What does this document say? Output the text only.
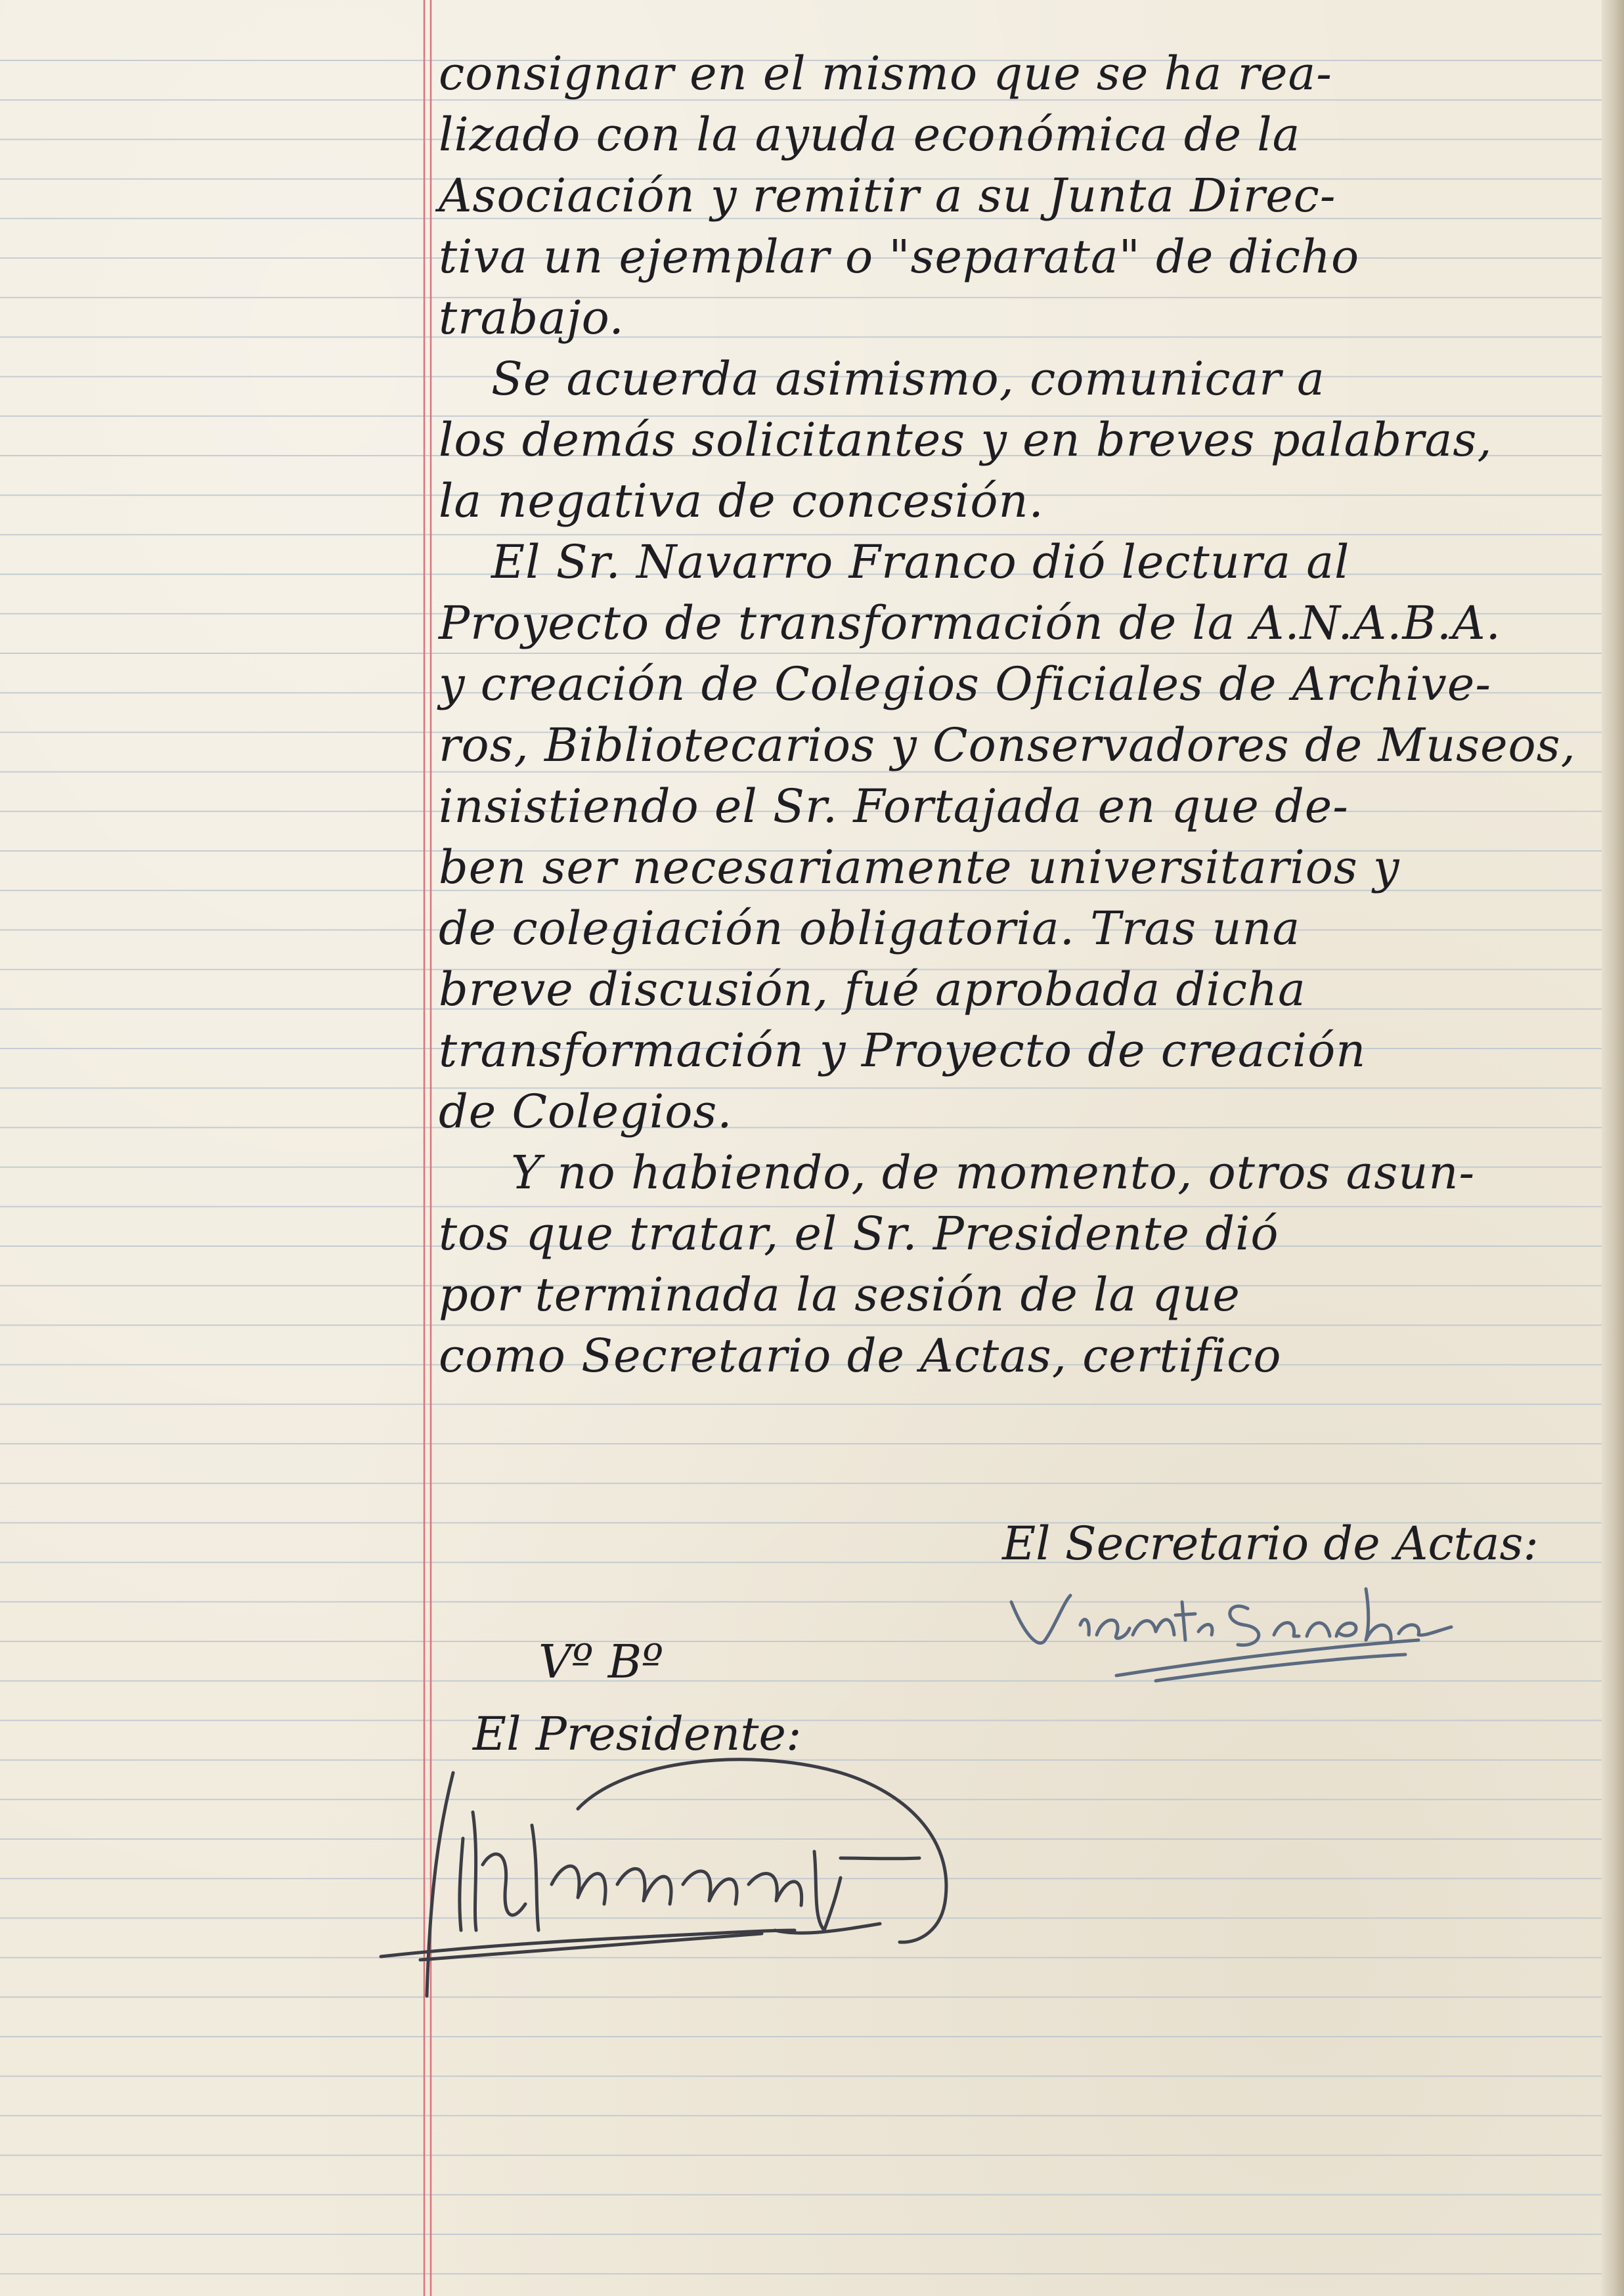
consignar en el mismo que se ha rea-
lizado con la ayuda económica de la
Asociación y remitir a su Junta Direc-
tiva un ejemplar o "separata" de dicho
trabajo.
Se acuerda asimismo, comunicar a
los demás solicitantes y en breves palabras,
la negativa de concesión.
El Sr. Navarro Franco dió lectura al
Proyecto de transformación de la A.N.A.B.A.
y creación de Colegios Oficiales de Archive-
ros, Bibliotecarios y Conservadores de Museos,
insistiendo el Sr. Fortajada en que de-
ben ser necesariamente universitarios y
de colegiación obligatoria. Tras una
breve discusión, fué aprobada dicha
transformación y Proyecto de creación
de Colegios.
Y no habiendo, de momento, otros asun-
tos que tratar, el Sr. Presidente dió
por terminada la sesión de la que
como Secretario de Actas, certifico
El Secretario de Actas:
Vº Bº
El Presidente:
